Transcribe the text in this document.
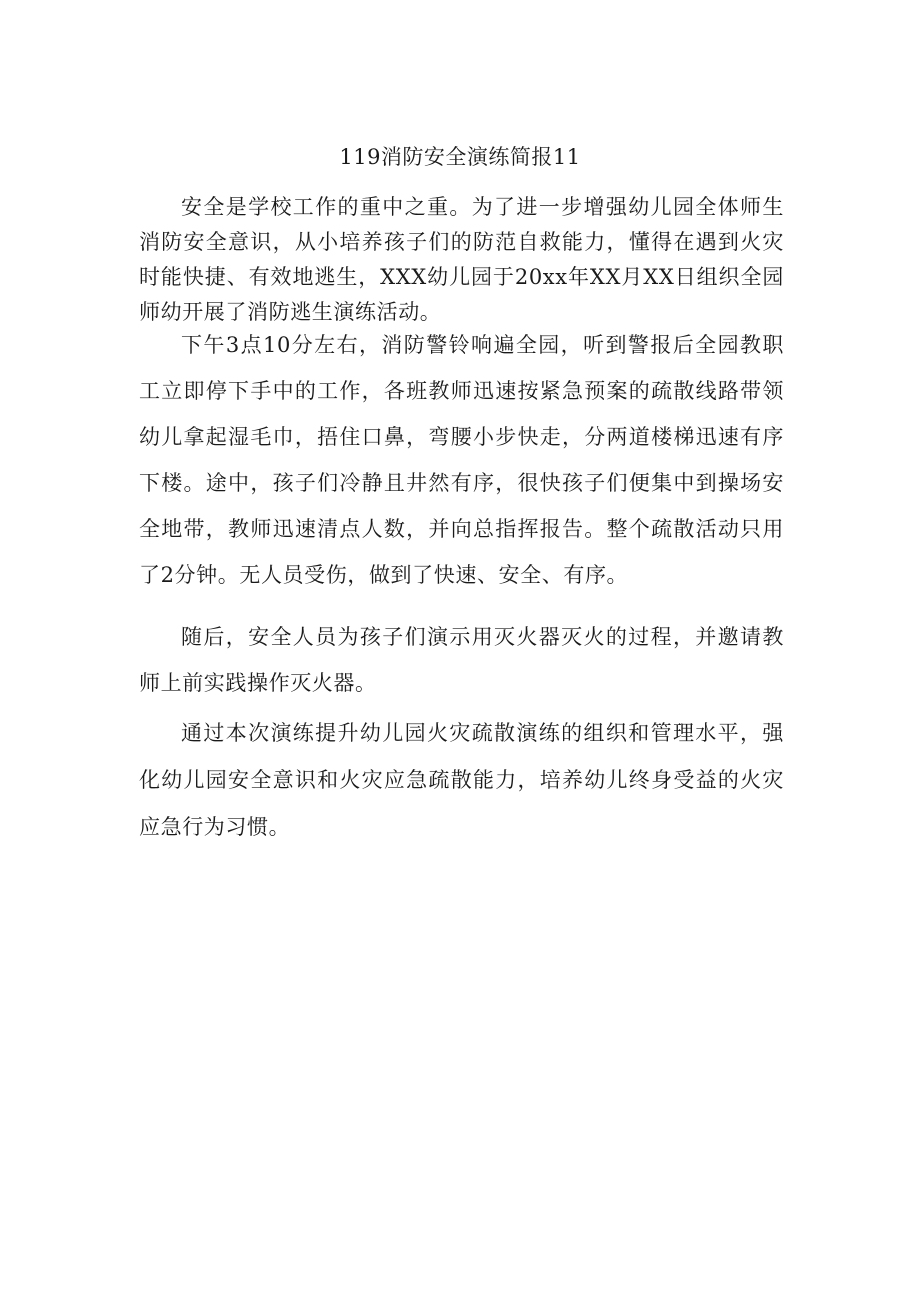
119消防安全演练简报11

安全是学校工作的重中之重。为了进一步增强幼儿园全体师生消防安全意识，从小培养孩子们的防范自救能力，懂得在遇到火灾时能快捷、有效地逃生，XXX幼儿园于20xx年XX月XX日组织全园师幼开展了消防逃生演练活动。

下午3点10分左右，消防警铃响遍全园，听到警报后全园教职工立即停下手中的工作，各班教师迅速按紧急预案的疏散线路带领幼儿拿起湿毛巾，捂住口鼻，弯腰小步快走，分两道楼梯迅速有序下楼。途中，孩子们冷静且井然有序，很快孩子们便集中到操场安全地带，教师迅速清点人数，并向总指挥报告。整个疏散活动只用了2分钟。无人员受伤，做到了快速、安全、有序。

随后，安全人员为孩子们演示用灭火器灭火的过程，并邀请教师上前实践操作灭火器。

通过本次演练提升幼儿园火灾疏散演练的组织和管理水平，强化幼儿园安全意识和火灾应急疏散能力，培养幼儿终身受益的火灾应急行为习惯。
